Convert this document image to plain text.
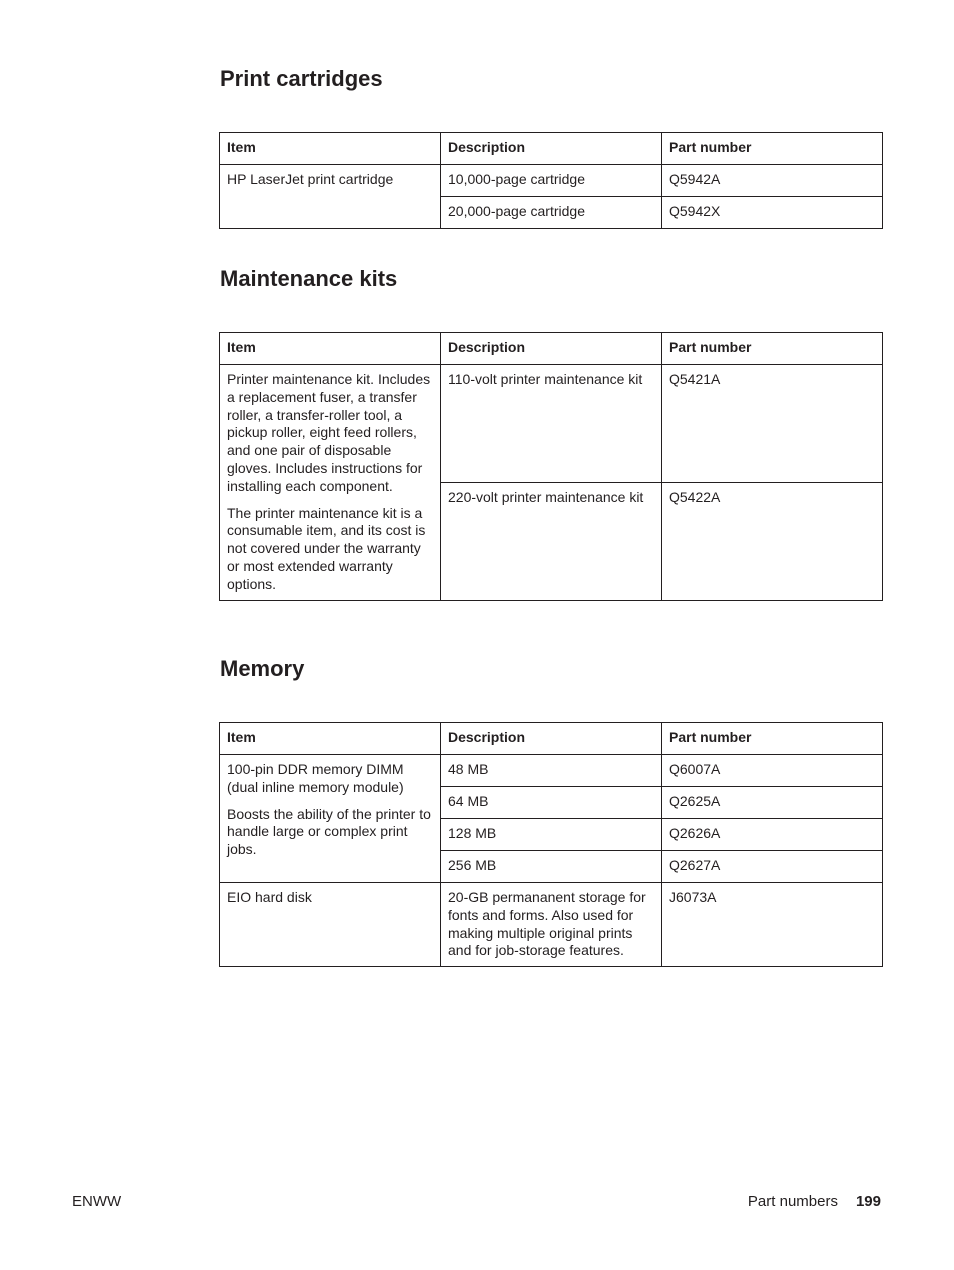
Print cartridges
Item	Description	Part number
HP LaserJet print cartridge	10,000-page cartridge	Q5942A
	20,000-page cartridge	Q5942X
Maintenance kits
Item	Description	Part number

Printer maintenance kit. Includes a replacement fuser, a transfer roller, a transfer-roller tool, a pickup roller, eight feed rollers, and one pair of disposable gloves. Includes instructions for installing each component.

The printer maintenance kit is a consumable item, and its cost is not covered under the warranty or most extended warranty options.	110-volt printer maintenance kit	Q5421A
	220-volt printer maintenance kit	Q5422A
Memory
Item	Description	Part number

100-pin DDR memory DIMM (dual inline memory module)

Boosts the ability of the printer to handle large or complex print jobs.	48 MB	Q6007A
	64 MB	Q2625A
	128 MB	Q2626A
	256 MB	Q2627A
EIO hard disk	20-GB permananent storage for fonts and forms. Also used for making multiple original prints and for job-storage features.	J6073A
ENWW	Part numbers 199
